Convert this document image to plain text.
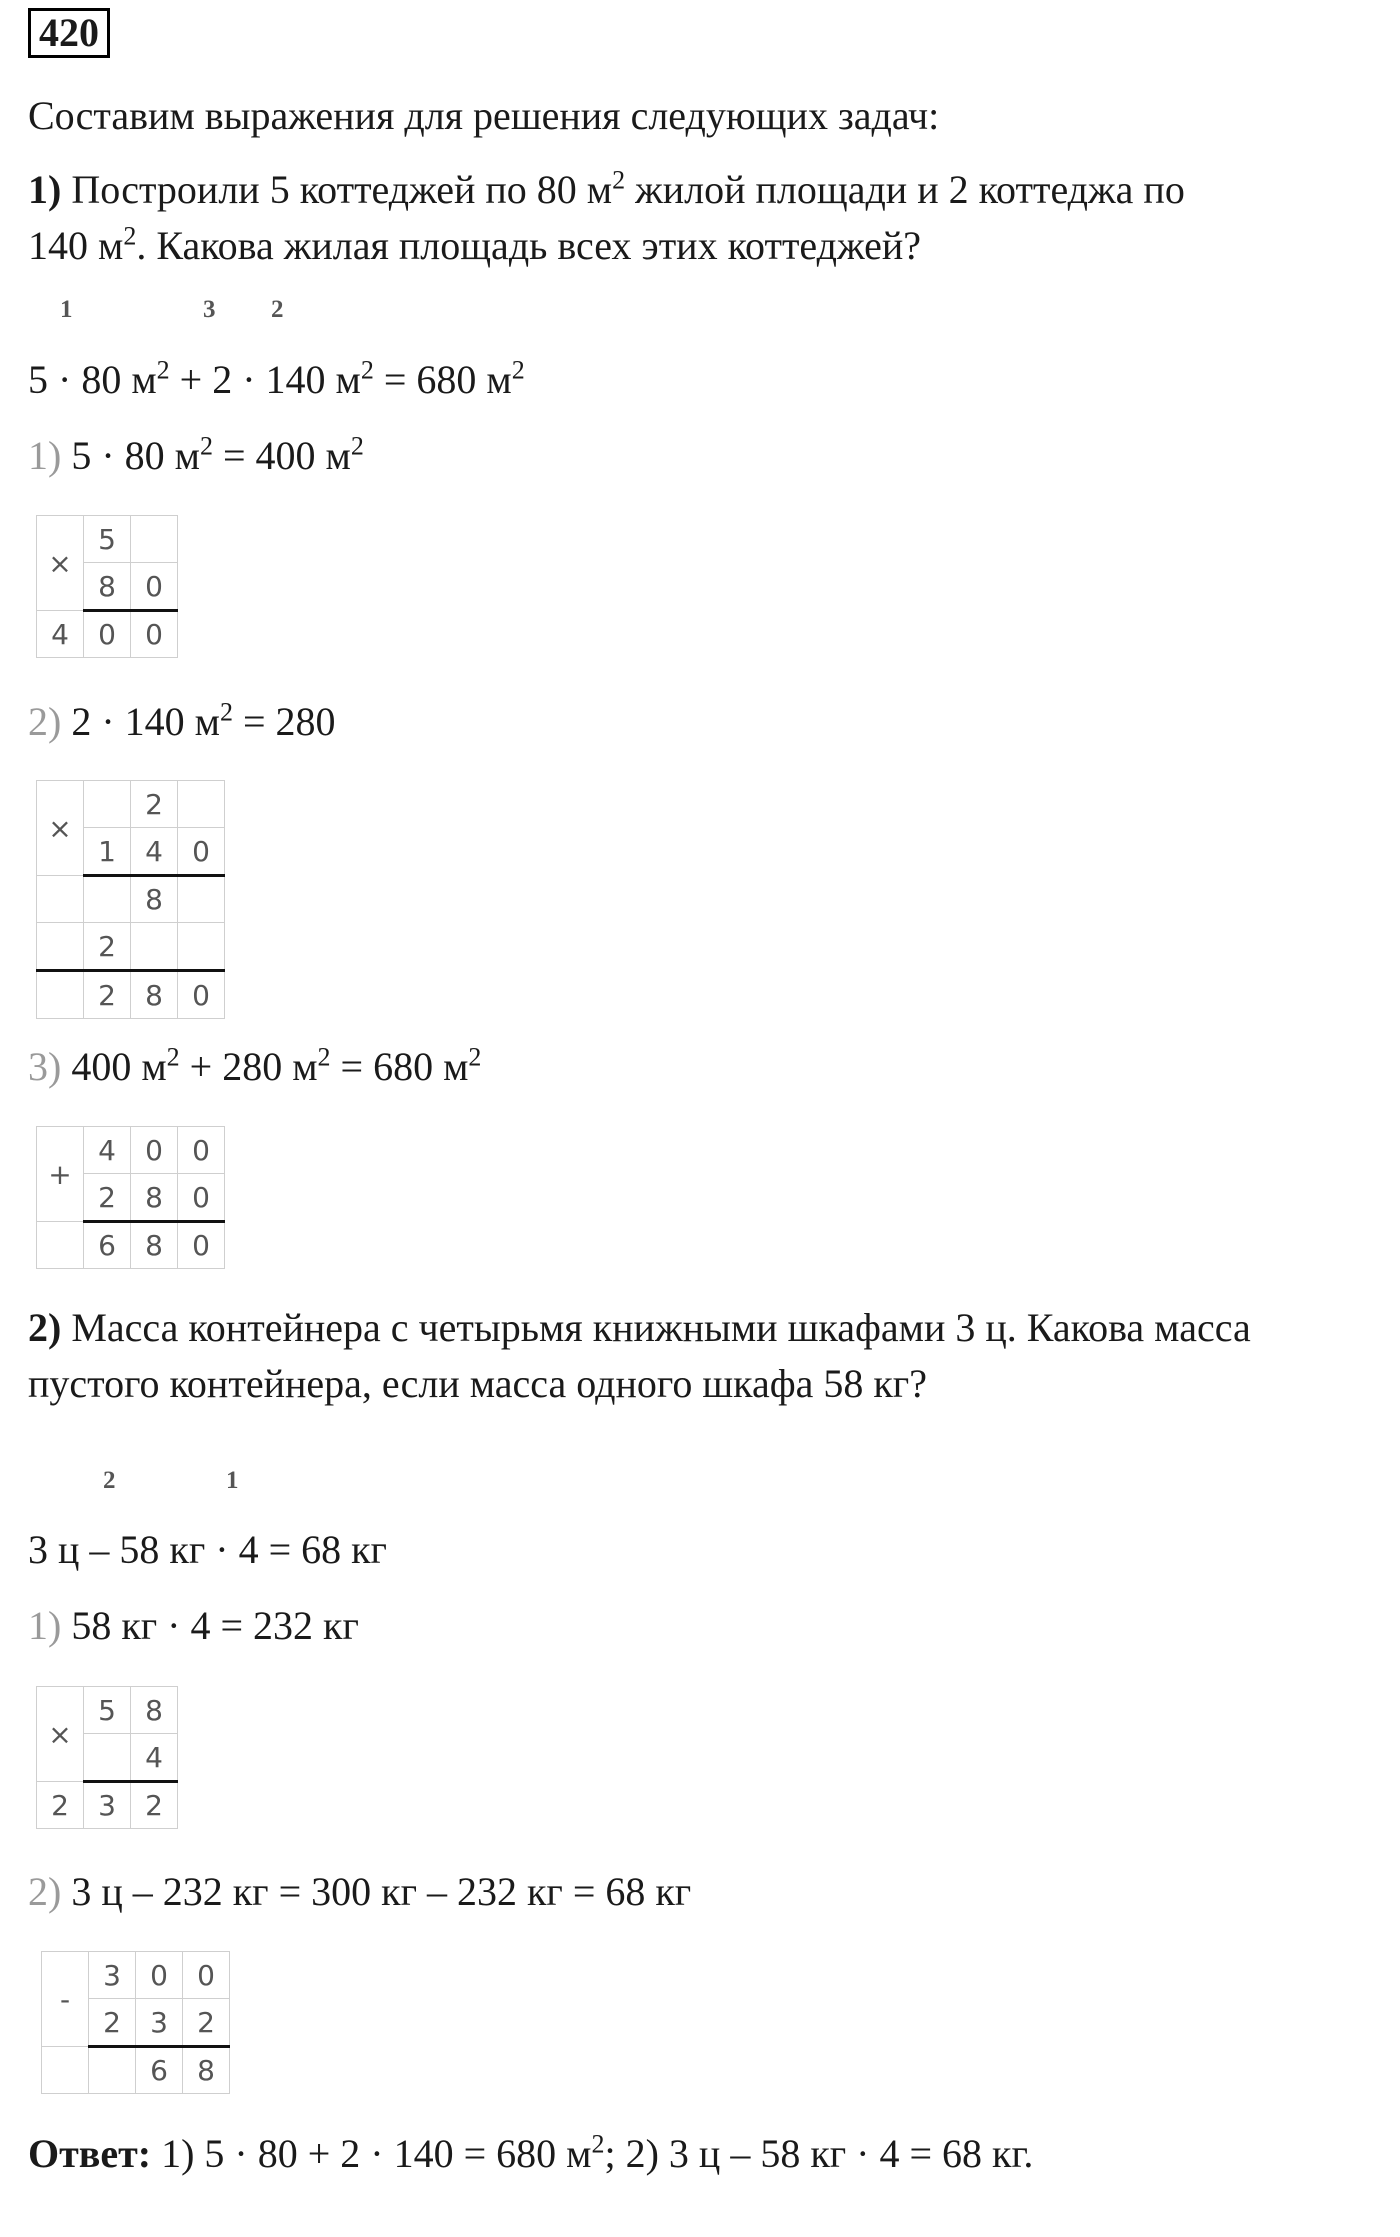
420
Составим выражения для решения следующих задач:
1) Построили 5 коттеджей по 80 $м^2$ жилой площади и 2 коттеджа по
140 $м^2$. Какова жилая площадь всех этих коттеджей?
1	3 2
5 · 80 $м^2 + 2 \cdot 140$ $м^2 = 680$ $м^2$
1) 5 · 80 $м^2 = 400$ $м^2$
×	5	
	8	0
4	0	0
2) 2 · 140 $м^2 = 280$
×		2	
	1	4	0
		8	
	2		
	2	8	0
3) 400 $м^2 + 280$ $м^2 = 680$ $м^2$
+	4	0	0
	2	8	0
	6	8	0
2) Масса контейнера с четырьмя книжными шкафами 3 ц. Какова масса
пустого контейнера, если масса одного шкафа 58 кг?
2	1
3 ц – 58 кг · 4 = 68 кг
1) 58 кг · 4 = 232 кг
×	5	8
		4
2	3	2
2) 3 ц – 232 кг = 300 кг – 232 кг = 68 кг
-	3	0	0
	2	3	2
		6	8
Ответ: 1) 5 · 80 + 2 · 140 = 680 $м^2$; 2) 3 ц – 58 кг · 4 = 68 кг.
